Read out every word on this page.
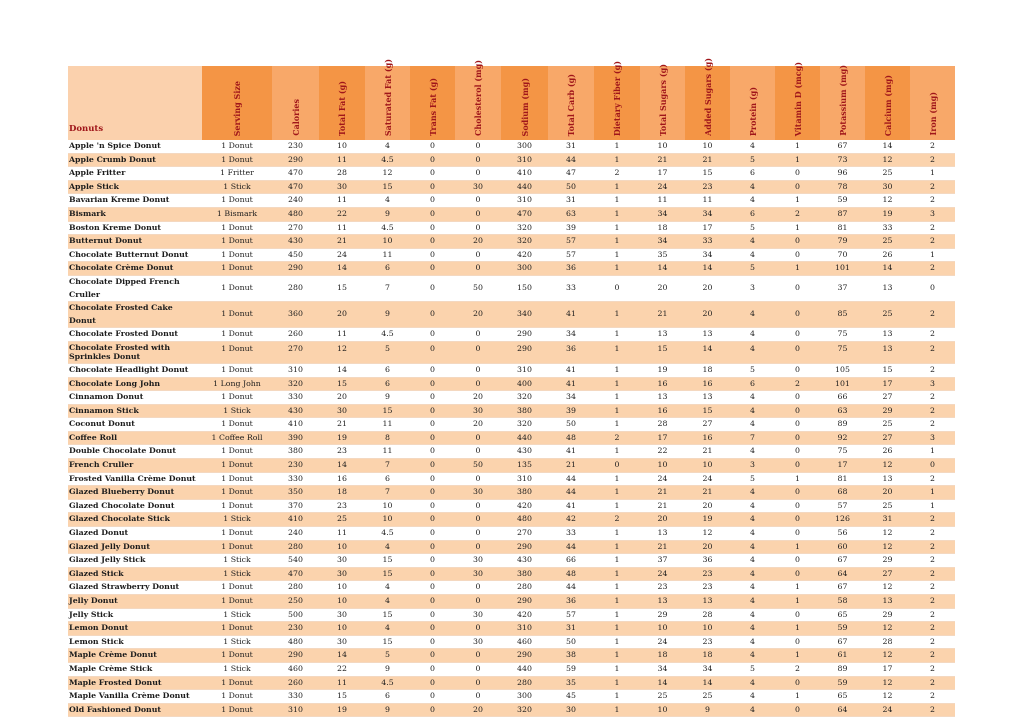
Donuts	Serving Size	Calories	Total Fat (g)	Saturated Fat (g)	Trans Fat (g)	Cholesterol (mg)	Sodium (mg)	Total Carb (g)	Dietary Fiber (g)	Total Sugars (g)	Added Sugars (g)	Protein (g)	Vitamin D (mcg)	Potassium (mg)	Calcium (mg)	Iron (mg)

Apple 'n Spice Donut	1 Donut	230	10	4	0	0	300	31	1	10	10	4	1	67	14	2
Apple Crumb Donut	1 Donut	290	11	4.5	0	0	310	44	1	21	21	5	1	73	12	2
Apple Fritter	1 Fritter	470	28	12	0	0	410	47	2	17	15	6	0	96	25	1
Apple Stick	1 Stick	470	30	15	0	30	440	50	1	24	23	4	0	78	30	2
Bavarian Kreme Donut	1 Donut	240	11	4	0	0	310	31	1	11	11	4	1	59	12	2
Bismark	1 Bismark	480	22	9	0	0	470	63	1	34	34	6	2	87	19	3
Boston Kreme Donut	1 Donut	270	11	4.5	0	0	320	39	1	18	17	5	1	81	33	2
Butternut Donut	1 Donut	430	21	10	0	20	320	57	1	34	33	4	0	79	25	2
Chocolate Butternut Donut	1 Donut	450	24	11	0	0	420	57	1	35	34	4	0	70	26	1
Chocolate Crème Donut	1 Donut	290	14	6	0	0	300	36	1	14	14	5	1	101	14	2
Chocolate Dipped French Cruller	1 Donut	280	15	7	0	50	150	33	0	20	20	3	0	37	13	0
Chocolate Frosted Cake Donut	1 Donut	360	20	9	0	20	340	41	1	21	20	4	0	85	25	2
Chocolate Frosted Donut	1 Donut	260	11	4.5	0	0	290	34	1	13	13	4	0	75	13	2
Chocolate Frosted with Sprinkles Donut	1 Donut	270	12	5	0	0	290	36	1	15	14	4	0	75	13	2
Chocolate Headlight Donut	1 Donut	310	14	6	0	0	310	41	1	19	18	5	0	105	15	2
Chocolate Long John	1 Long John	320	15	6	0	0	400	41	1	16	16	6	2	101	17	3
Cinnamon Donut	1 Donut	330	20	9	0	20	320	34	1	13	13	4	0	66	27	2
Cinnamon Stick	1 Stick	430	30	15	0	30	380	39	1	16	15	4	0	63	29	2
Coconut Donut	1 Donut	410	21	11	0	20	320	50	1	28	27	4	0	89	25	2
Coffee Roll	1 Coffee Roll	390	19	8	0	0	440	48	2	17	16	7	0	92	27	3
Double Chocolate Donut	1 Donut	380	23	11	0	0	430	41	1	22	21	4	0	75	26	1
French Cruller	1 Donut	230	14	7	0	50	135	21	0	10	10	3	0	17	12	0
Frosted Vanilla Crème Donut	1 Donut	330	16	6	0	0	310	44	1	24	24	5	1	81	13	2
Glazed Blueberry Donut	1 Donut	350	18	7	0	30	380	44	1	21	21	4	0	68	20	1
Glazed Chocolate Donut	1 Donut	370	23	10	0	0	420	41	1	21	20	4	0	57	25	1
Glazed Chocolate Stick	1 Stick	410	25	10	0	0	480	42	2	20	19	4	0	126	31	2
Glazed Donut	1 Donut	240	11	4.5	0	0	270	33	1	13	12	4	0	56	12	2
Glazed Jelly Donut	1 Donut	280	10	4	0	0	290	44	1	21	20	4	1	60	12	2
Glazed Jelly Stick	1 Stick	540	30	15	0	30	430	66	1	37	36	4	0	67	29	2
Glazed Stick	1 Stick	470	30	15	0	30	380	48	1	24	23	4	0	64	27	2
Glazed Strawberry Donut	1 Donut	280	10	4	0	0	280	44	1	23	23	4	1	67	12	2
Jelly Donut	1 Donut	250	10	4	0	0	290	36	1	13	13	4	1	58	13	2
Jelly Stick	1 Stick	500	30	15	0	30	420	57	1	29	28	4	0	65	29	2
Lemon Donut	1 Donut	230	10	4	0	0	310	31	1	10	10	4	1	59	12	2
Lemon Stick	1 Stick	480	30	15	0	30	460	50	1	24	23	4	0	67	28	2
Maple Crème Donut	1 Donut	290	14	5	0	0	290	38	1	18	18	4	1	61	12	2
Maple Crème Stick	1 Stick	460	22	9	0	0	440	59	1	34	34	5	2	89	17	2
Maple Frosted Donut	1 Donut	260	11	4.5	0	0	280	35	1	14	14	4	0	59	12	2
Maple Vanilla Crème Donut	1 Donut	330	15	6	0	0	300	45	1	25	25	4	1	65	12	2
Old Fashioned Donut	1 Donut	310	19	9	0	20	320	30	1	10	9	4	0	64	24	2
